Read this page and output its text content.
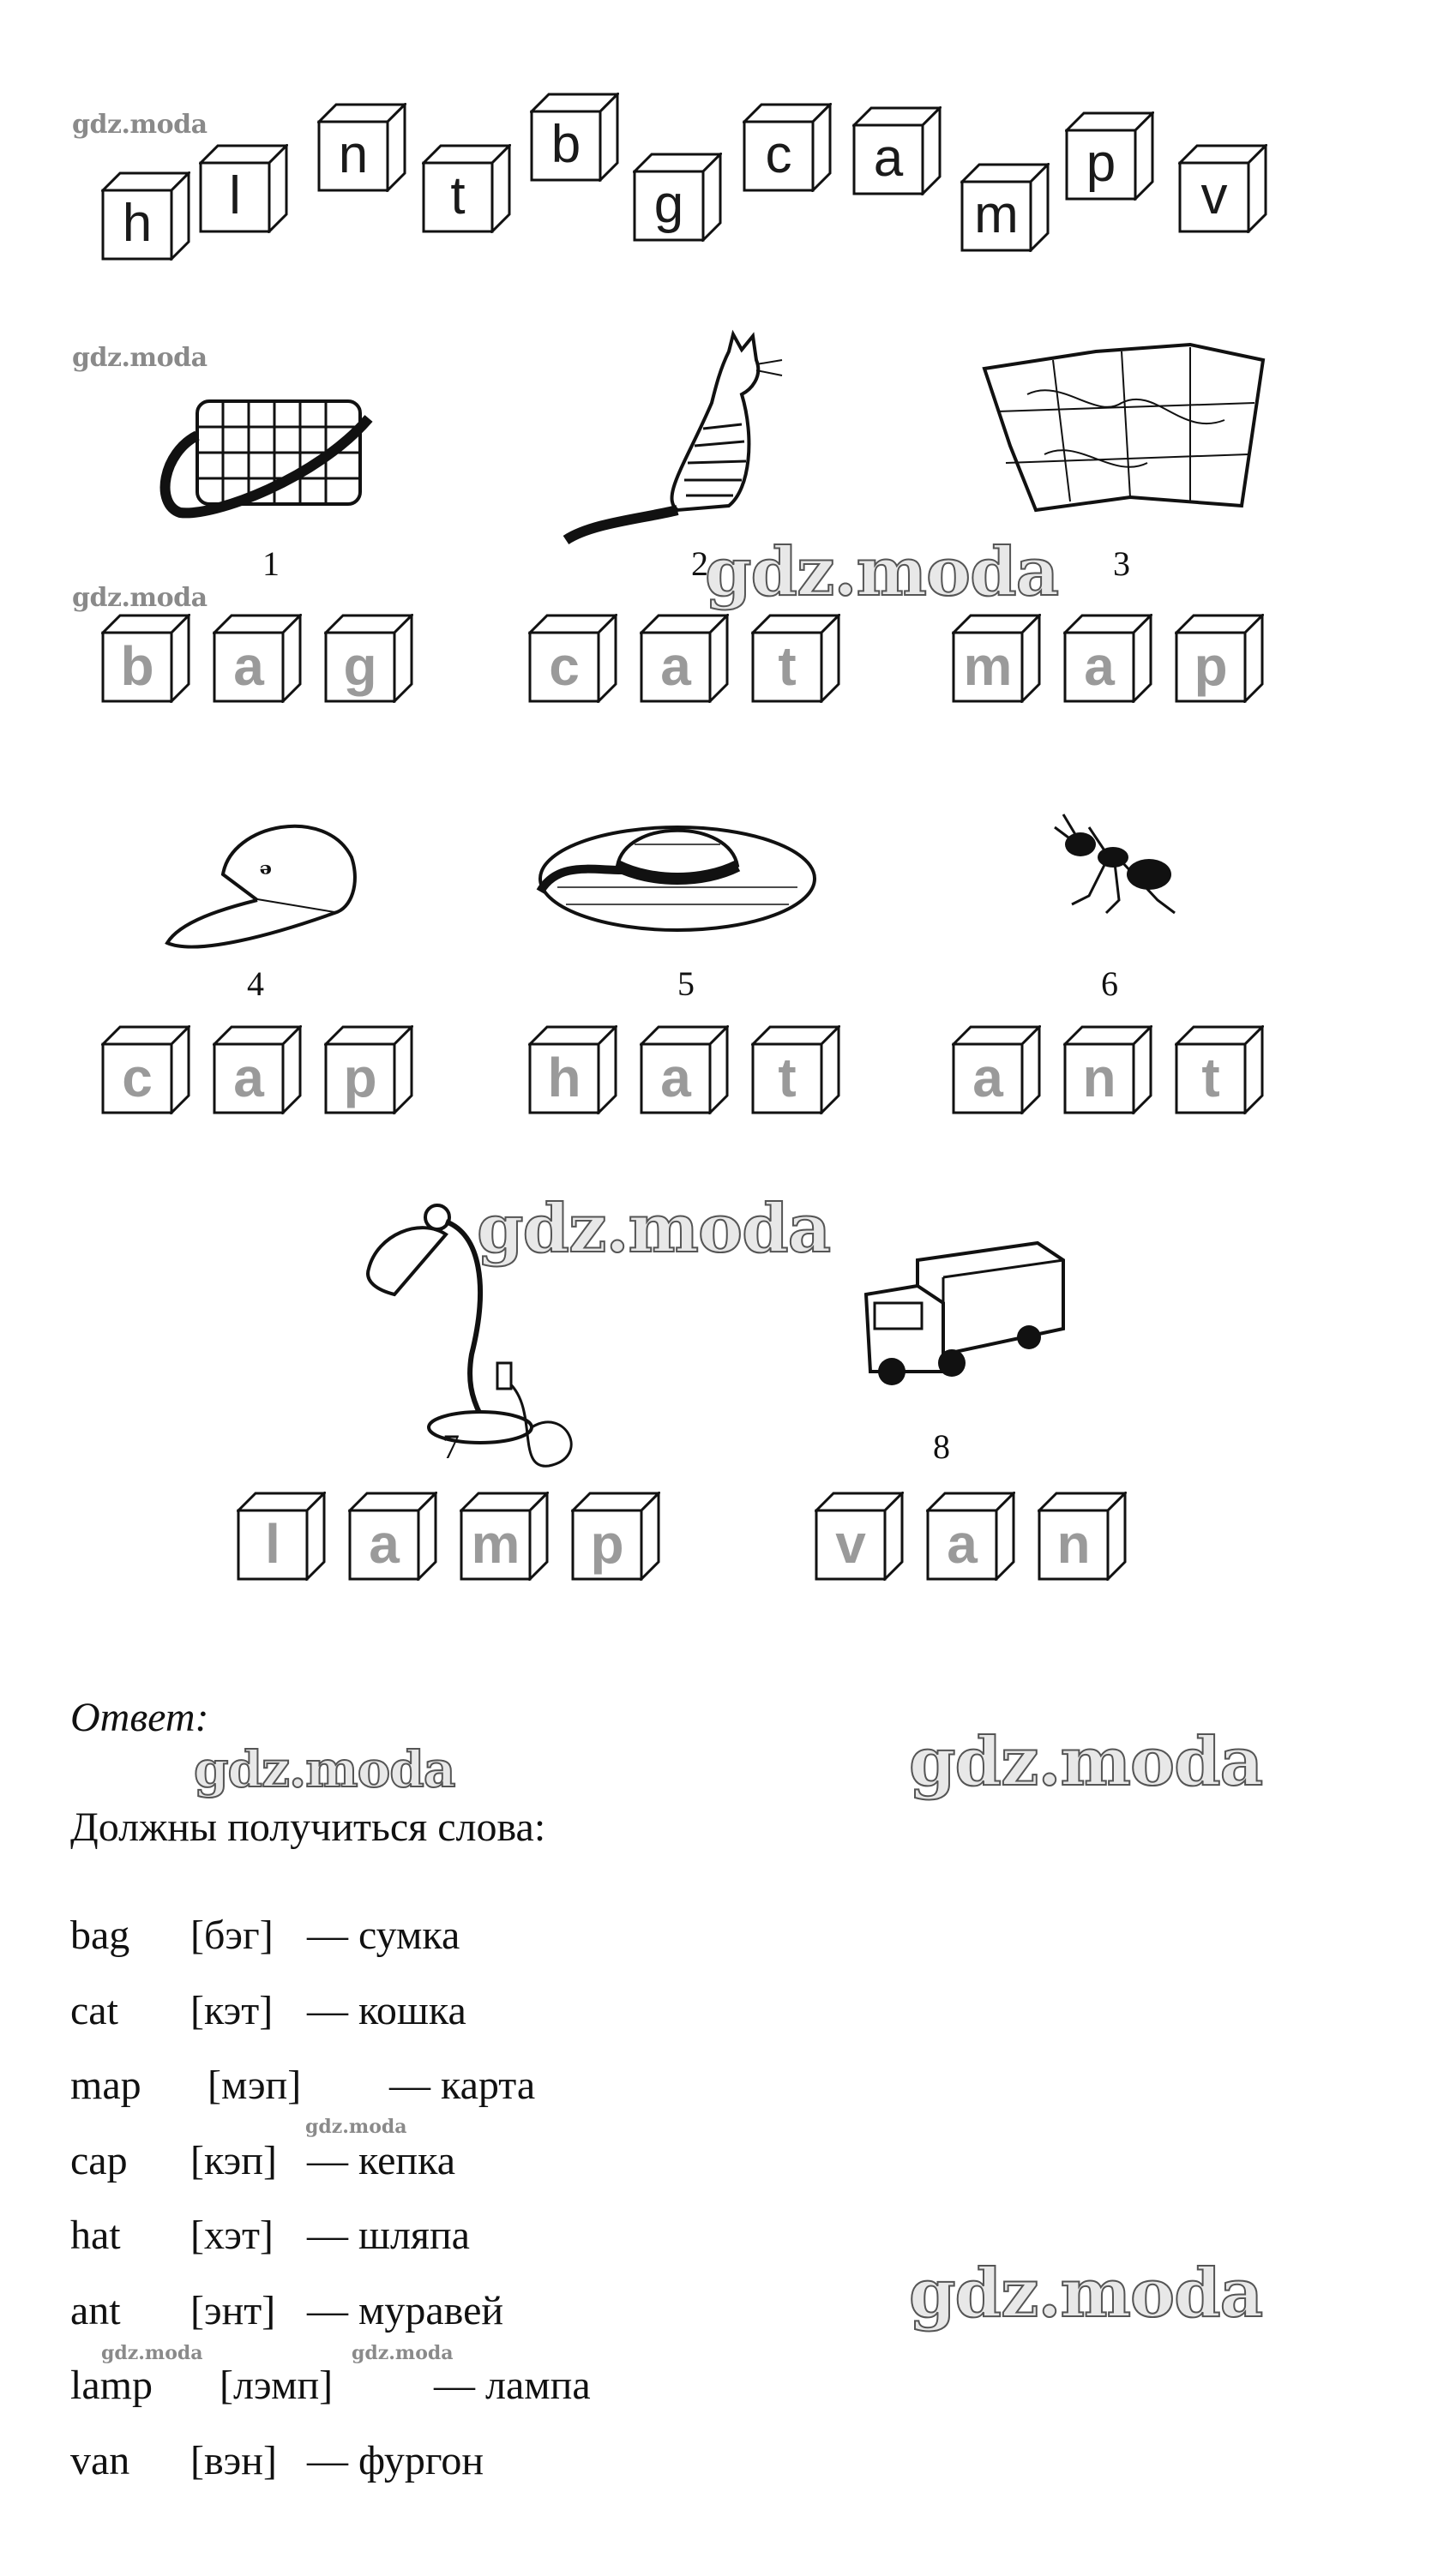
gdz.moda
gdz.moda
gdz.moda	gdz.moda
gdz.moda
gdz.moda	gdz.moda
gdz.moda
gdz.moda
gdz.moda	gdz.moda
h	l
n
t
b
g
c	a
m
p
v
1	2	3
ₔ
4	5	6
7	8
b	a	g	c	a	t	m	a	p
c	a	p	h	a	t	a	n	t
l	a	m	p	v	a	n
Ответ:
Должны получиться слова:
bag [бэг] — сумка
cat [кэт] — кошка
map [мэп] — карта
cap [кэп] — кепка
hat [хэт] — шляпа
ant [энт] — муравей
lamp [лэмп] — лампа
van [вэн] — фургон
